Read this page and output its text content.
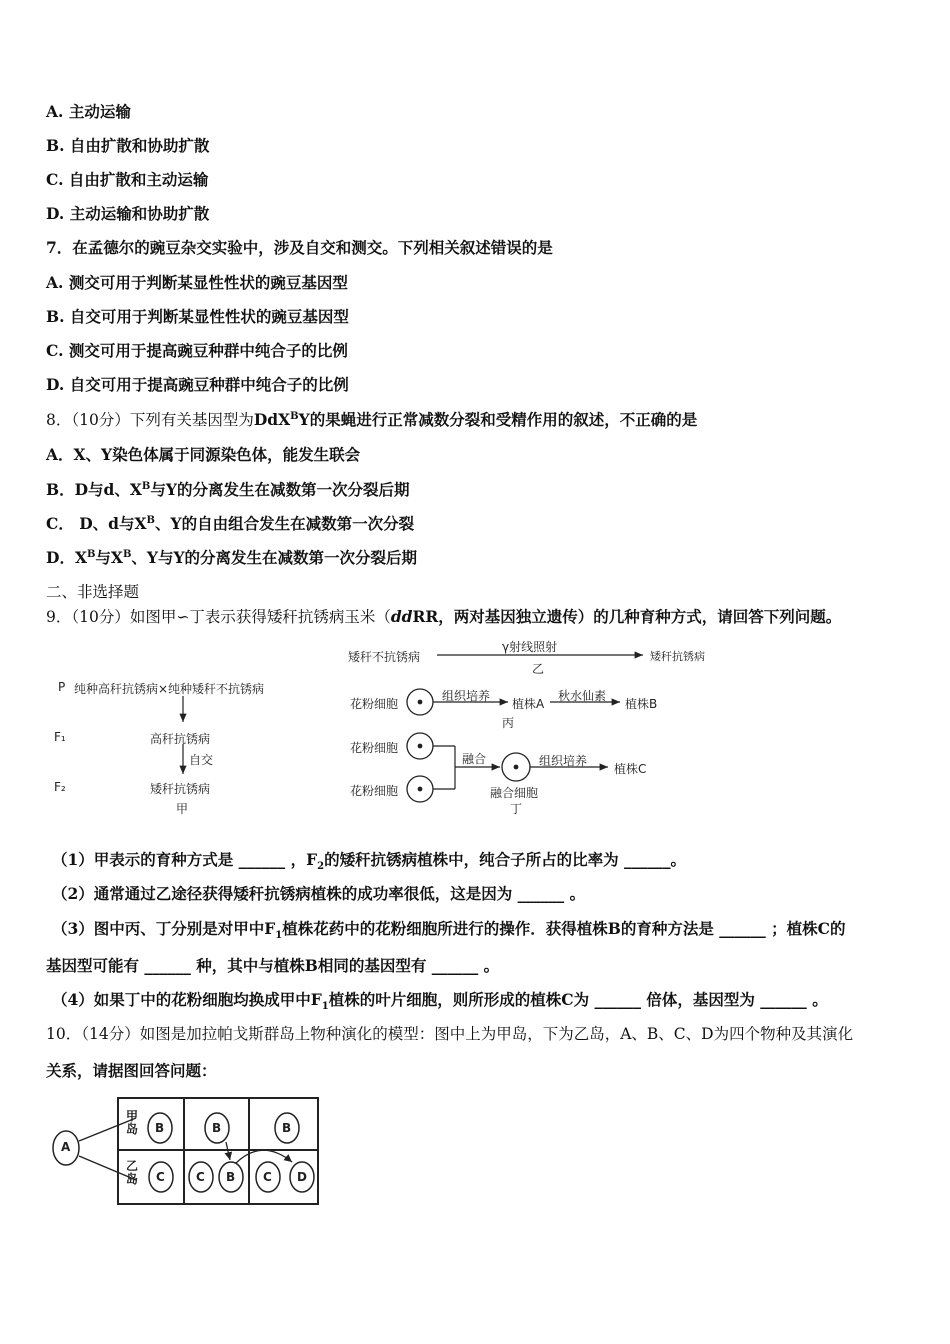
A. 主动运输
B. 自由扩散和协助扩散
C. 自由扩散和主动运输
D. 主动运输和协助扩散
7．在孟德尔的豌豆杂交实验中，涉及自交和测交。下列相关叙述错误的是
A. 测交可用于判断某显性性状的豌豆基因型
B. 自交可用于判断某显性性状的豌豆基因型
C. 测交可用于提高豌豆种群中纯合子的比例
D. 自交可用于提高豌豆种群中纯合子的比例
8．（10分）下列有关基因型为DdX$^B$Y的果蝇进行正常减数分裂和受精作用的叙述，不正确的是
A．X、Y染色体属于同源染色体，能发生联会
B．D与d、$X^B$与Y的分离发生在减数第一次分裂后期
C． D、d与$X^B$、Y的自由组合发生在减数第一次分裂
D．$X^B$与$X^B$、Y与Y的分离发生在减数第一次分裂后期
二、非选择题
9．（10分）如图甲∽丁表示获得矮秆抗锈病玉米（ddRR，两对基因独立遗传）的几种育种方式，请回答下列问题。
P 纯种高秆抗锈病×纯种矮秆不抗锈病
F₁	高秆抗锈病
自交
F₂	矮秆抗锈病
甲
矮秆不抗锈病
γ射线照射
矮秆抗锈病
乙
花粉细胞
组织培养
植株A
秋水仙素
植株B
丙
花粉细胞
花粉细胞
融合	组织培养
植株C
融合细胞
丁
（1）甲表示的育种方式是 ______ ，$F_2$的矮秆抗锈病植株中，纯合子所占的比率为 ______。
（2）通常通过乙途径获得矮秆抗锈病植株的成功率很低，这是因为 ______ 。
（3）图中丙、丁分别是对甲中$F_1$植株花药中的花粉细胞所进行的操作．获得植株B的育种方法是 ______ ；植株C的
基因型可能有 ______ 种，其中与植株B相同的基因型有 ______ 。
（4）如果丁中的花粉细胞均换成甲中$F_1$植株的叶片细胞，则所形成的植株C为 ______ 倍体，基因型为 ______ 。
10．（14分）如图是加拉帕戈斯群岛上物种演化的模型：图中上为甲岛，下为乙岛，A、B、C、D为四个物种及其演化
关系，请据图回答问题：
A
甲岛
乙岛
B	B	B
C	C B C D
